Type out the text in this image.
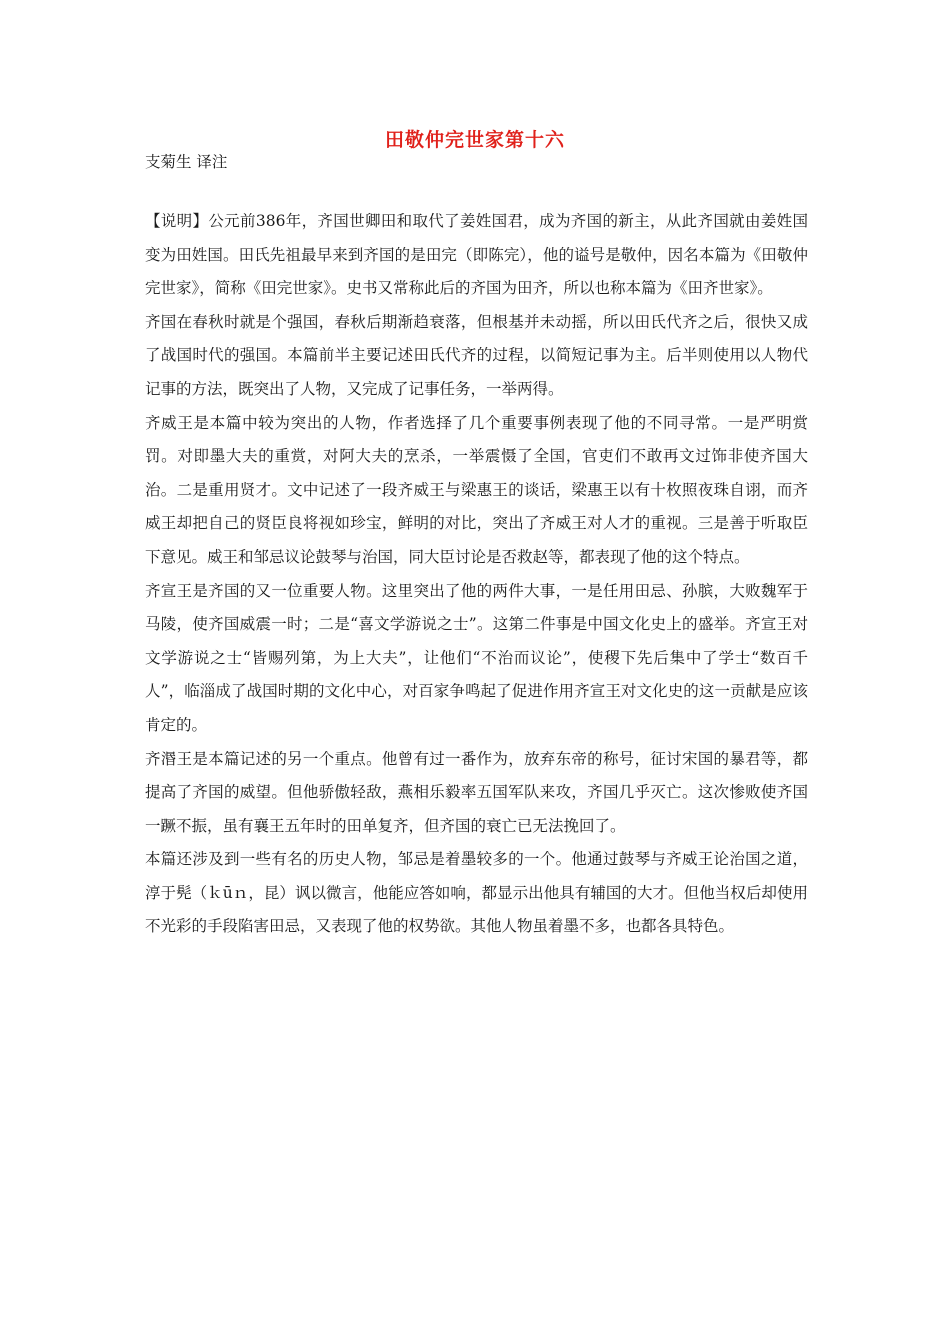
田敬仲完世家第十六
支菊生 译注

【说明】公元前386年，齐国世卿田和取代了姜姓国君，成为齐国的新主，从此齐国就由姜姓国变为田姓国。田氏先祖最早来到齐国的是田完（即陈完），他的谥号是敬仲，因名本篇为《田敬仲完世家》，简称《田完世家》。史书又常称此后的齐国为田齐，所以也称本篇为《田齐世家》。

齐国在春秋时就是个强国，春秋后期渐趋衰落，但根基并未动摇，所以田氏代齐之后，很快又成了战国时代的强国。本篇前半主要记述田氏代齐的过程，以简短记事为主。后半则使用以人物代记事的方法，既突出了人物，又完成了记事任务，一举两得。

齐威王是本篇中较为突出的人物，作者选择了几个重要事例表现了他的不同寻常。一是严明赏罚。对即墨大夫的重赏，对阿大夫的烹杀，一举震慑了全国，官吏们不敢再文过饰非使齐国大治。二是重用贤才。文中记述了一段齐威王与梁惠王的谈话，梁惠王以有十枚照夜珠自诩，而齐威王却把自己的贤臣良将视如珍宝，鲜明的对比，突出了齐威王对人才的重视。三是善于听取臣下意见。威王和邹忌议论鼓琴与治国，同大臣讨论是否救赵等，都表现了他的这个特点。

齐宣王是齐国的又一位重要人物。这里突出了他的两件大事，一是任用田忌、孙膑，大败魏军于马陵，使齐国威震一时；二是“喜文学游说之士”。这第二件事是中国文化史上的盛举。齐宣王对文学游说之士“皆赐列第，为上大夫”，让他们“不治而议论”，使稷下先后集中了学士“数百千人”，临淄成了战国时期的文化中心，对百家争鸣起了促进作用齐宣王对文化史的这一贡献是应该肯定的。

齐湣王是本篇记述的另一个重点。他曾有过一番作为，放弃东帝的称号，征讨宋国的暴君等，都提高了齐国的威望。但他骄傲轻敌，燕相乐毅率五国军队来攻，齐国几乎灭亡。这次惨败使齐国一蹶不振，虽有襄王五年时的田单复齐，但齐国的衰亡已无法挽回了。

本篇还涉及到一些有名的历史人物，邹忌是着墨较多的一个。他通过鼓琴与齐威王论治国之道，淳于髡（ｋūｎ，昆）讽以微言，他能应答如响，都显示出他具有辅国的大才。但他当权后却使用不光彩的手段陷害田忌，又表现了他的权势欲。其他人物虽着墨不多，也都各具特色。
